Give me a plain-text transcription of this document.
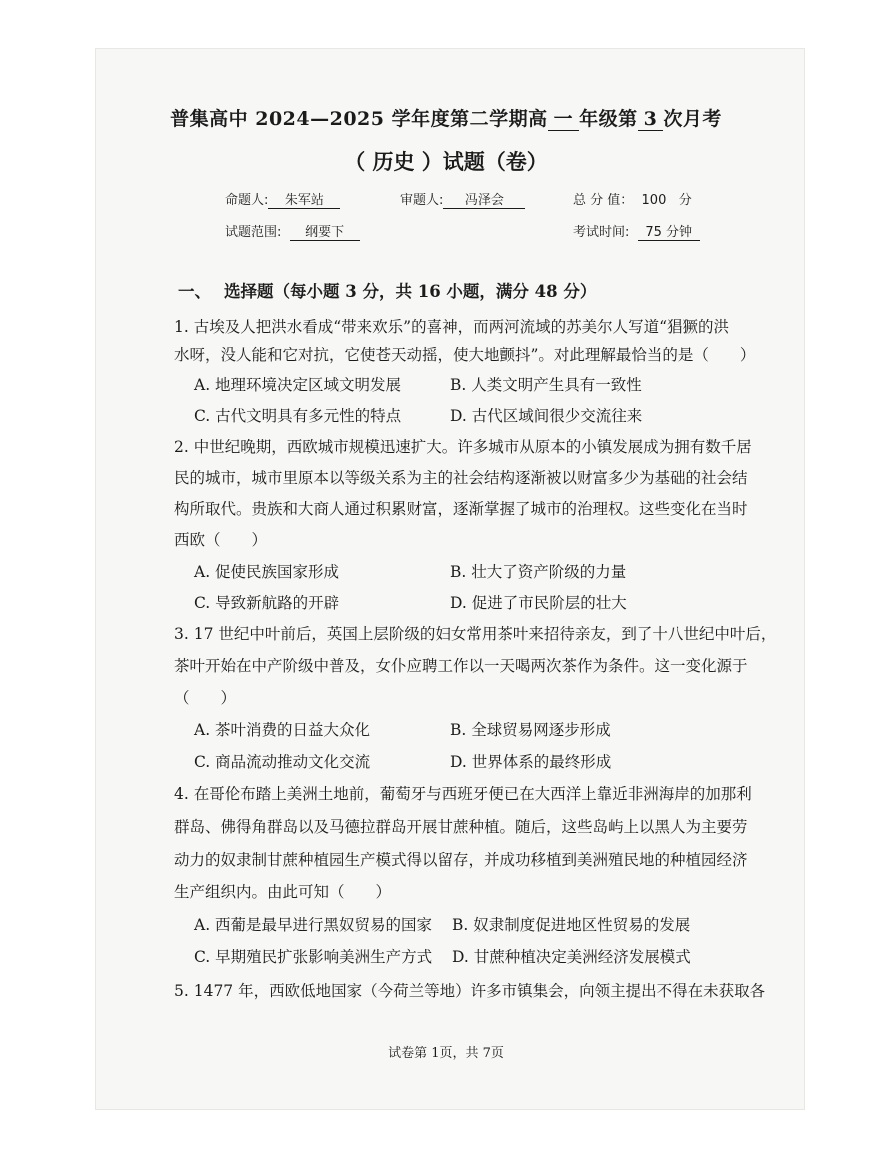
普集高中 2024—2025 学年度第二学期高 一 年级第 3 次月考
（ 历史 ）试题（卷）
命题人: 朱军站	审题人: 冯泽会	总 分 值： 100 分
试题范围: 纲要下	考试时间: 75 分钟
一、 选择题（每小题 3 分，共 16 小题，满分 48 分）
1. 古埃及人把洪水看成“带来欢乐”的喜神，而两河流域的苏美尔人写道“猖獗的洪
水呀，没人能和它对抗，它使苍天动摇，使大地颤抖”。对此理解最恰当的是（　　）
A. 地理环境决定区域文明发展	B. 人类文明产生具有一致性
C. 古代文明具有多元性的特点	D. 古代区域间很少交流往来
2. 中世纪晚期，西欧城市规模迅速扩大。许多城市从原本的小镇发展成为拥有数千居
民的城市，城市里原本以等级关系为主的社会结构逐渐被以财富多少为基础的社会结
构所取代。贵族和大商人通过积累财富，逐渐掌握了城市的治理权。这些变化在当时
西欧（　　）
A. 促使民族国家形成	B. 壮大了资产阶级的力量
C. 导致新航路的开辟	D. 促进了市民阶层的壮大
3. 17 世纪中叶前后，英国上层阶级的妇女常用茶叶来招待亲友，到了十八世纪中叶后，
茶叶开始在中产阶级中普及，女仆应聘工作以一天喝两次茶作为条件。这一变化源于
（　　）
A. 茶叶消费的日益大众化	B. 全球贸易网逐步形成
C. 商品流动推动文化交流	D. 世界体系的最终形成
4. 在哥伦布踏上美洲土地前，葡萄牙与西班牙便已在大西洋上靠近非洲海岸的加那利
群岛、佛得角群岛以及马德拉群岛开展甘蔗种植。随后，这些岛屿上以黑人为主要劳
动力的奴隶制甘蔗种植园生产模式得以留存，并成功移植到美洲殖民地的种植园经济
生产组织内。由此可知（　　）
A. 西葡是最早进行黑奴贸易的国家 B. 奴隶制度促进地区性贸易的发展
C. 早期殖民扩张影响美洲生产方式 D. 甘蔗种植决定美洲经济发展模式
5. 1477 年，西欧低地国家（今荷兰等地）许多市镇集会，向领主提出不得在未获取各
试卷第 1页，共 7页
